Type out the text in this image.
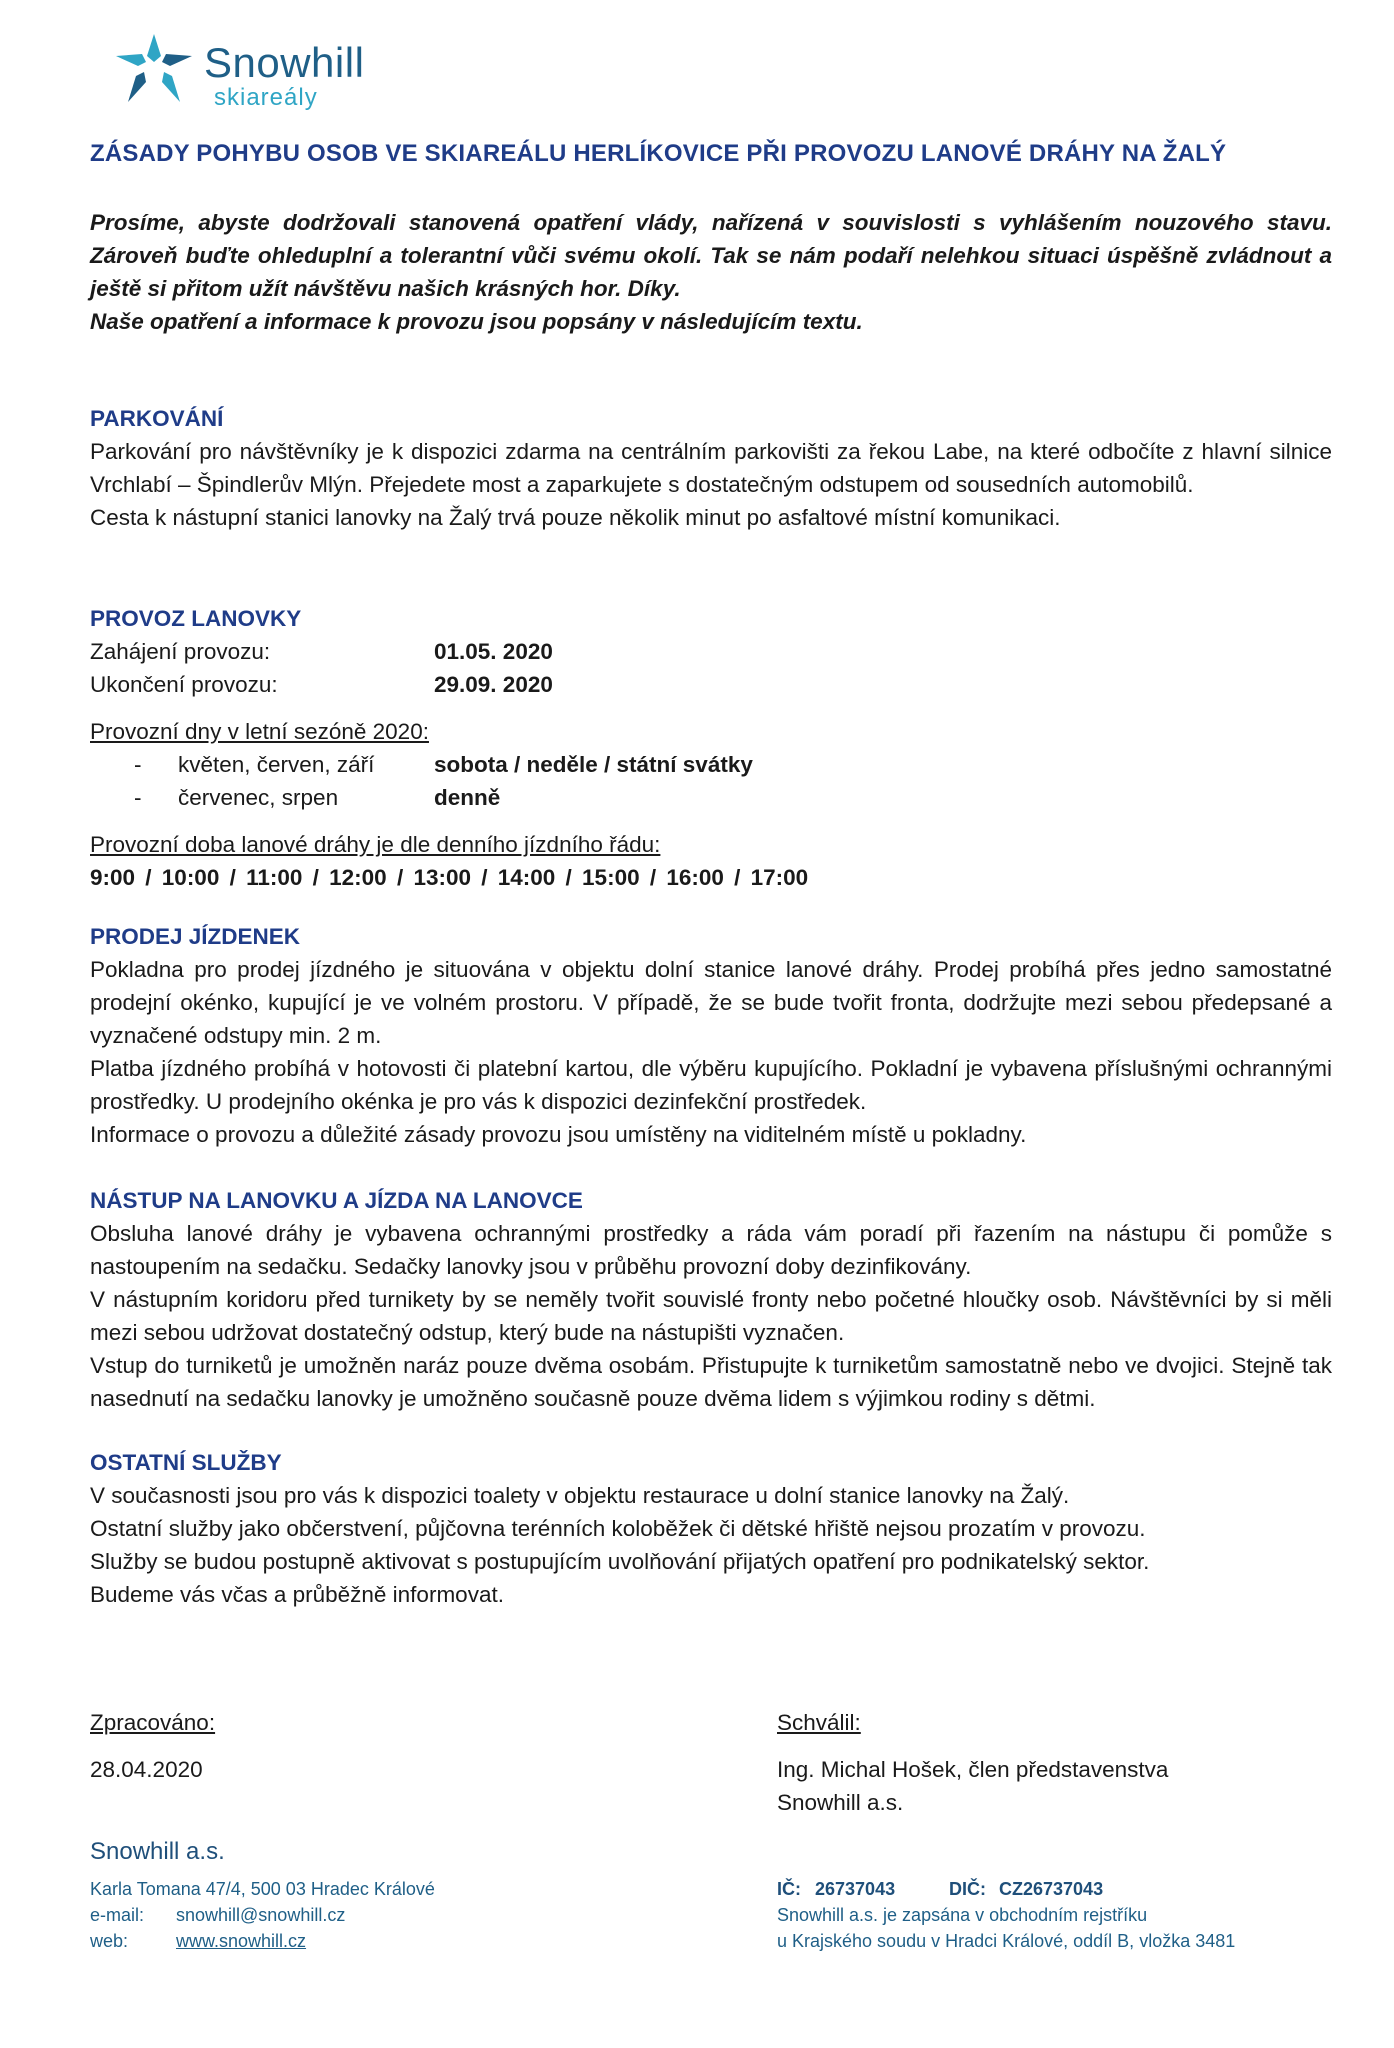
Snowhill
skiareály
ZÁSADY POHYBU OSOB VE SKIAREÁLU HERLÍKOVICE PŘI PROVOZU LANOVÉ DRÁHY NA ŽALÝ

Prosíme, abyste dodržovali stanovená opatření vlády, nařízená v souvislosti s vyhlášením nouzového stavu. Zároveň buďte ohleduplní a tolerantní vůči svému okolí. Tak se nám podaří nelehkou situaci úspěšně zvládnout a ještě si přitom užít návštěvu našich krásných hor. Díky.

Naše opatření a informace k provozu jsou popsány v následujícím textu.

PARKOVÁNÍ

Parkování pro návštěvníky je k dispozici zdarma na centrálním parkovišti za řekou Labe, na které odbočíte z hlavní silnice Vrchlabí – Špindlerův Mlýn. Přejedete most a zaparkujete s dostatečným odstupem od sousedních automobilů.

Cesta k nástupní stanici lanovky na Žalý trvá pouze několik minut po asfaltové místní komunikaci.

PROVOZ LANOVKY
Zahájení provozu:	01.05. 2020
Ukončení provozu:	29.09. 2020

Provozní dny v letní sezóně 2020:

- květen, červen, září	sobota / neděle / státní svátky
- červenec, srpen	denně

Provozní doba lanové dráhy je dle denního jízdního řádu:

9:00 / 10:00 / 11:00 / 12:00 / 13:00 / 14:00 / 15:00 / 16:00 / 17:00

PRODEJ JÍZDENEK

Pokladna pro prodej jízdného je situována v objektu dolní stanice lanové dráhy. Prodej probíhá přes jedno samostatné prodejní okénko, kupující je ve volném prostoru. V případě, že se bude tvořit fronta, dodržujte mezi sebou předepsané a vyznačené odstupy min. 2 m.

Platba jízdného probíhá v hotovosti či platební kartou, dle výběru kupujícího. Pokladní je vybavena příslušnými ochrannými prostředky. U prodejního okénka je pro vás k dispozici dezinfekční prostředek.

Informace o provozu a důležité zásady provozu jsou umístěny na viditelném místě u pokladny.

NÁSTUP NA LANOVKU A JÍZDA NA LANOVCE

Obsluha lanové dráhy je vybavena ochrannými prostředky a ráda vám poradí při řazením na nástupu či pomůže s nastoupením na sedačku. Sedačky lanovky jsou v průběhu provozní doby dezinfikovány.

V nástupním koridoru před turnikety by se neměly tvořit souvislé fronty nebo početné hloučky osob. Návštěvníci by si měli mezi sebou udržovat dostatečný odstup, který bude na nástupišti vyznačen.

Vstup do turniketů je umožněn naráz pouze dvěma osobám. Přistupujte k turniketům samostatně nebo ve dvojici. Stejně tak nasednutí na sedačku lanovky je umožněno současně pouze dvěma lidem s výjimkou rodiny s dětmi.

OSTATNÍ SLUŽBY

V současnosti jsou pro vás k dispozici toalety v objektu restaurace u dolní stanice lanovky na Žalý.

Ostatní služby jako občerstvení, půjčovna terénních koloběžek či dětské hřiště nejsou prozatím v provozu.

Služby se budou postupně aktivovat s postupujícím uvolňování přijatých opatření pro podnikatelský sektor.

Budeme vás včas a průběžně informovat.

Zpracováno:

28.04.2020

Schválil:

Ing. Michal Hošek, člen představenstva

Snowhill a.s.

Snowhill a.s.

Karla Tomana 47/4, 500 03 Hradec Králové

e-mail: snowhill@snowhill.cz

web:	www.snowhill.cz

IČ: 26737043	DIČ: CZ26737043

Snowhill a.s. je zapsána v obchodním rejstříku

u Krajského soudu v Hradci Králové, oddíl B, vložka 3481
